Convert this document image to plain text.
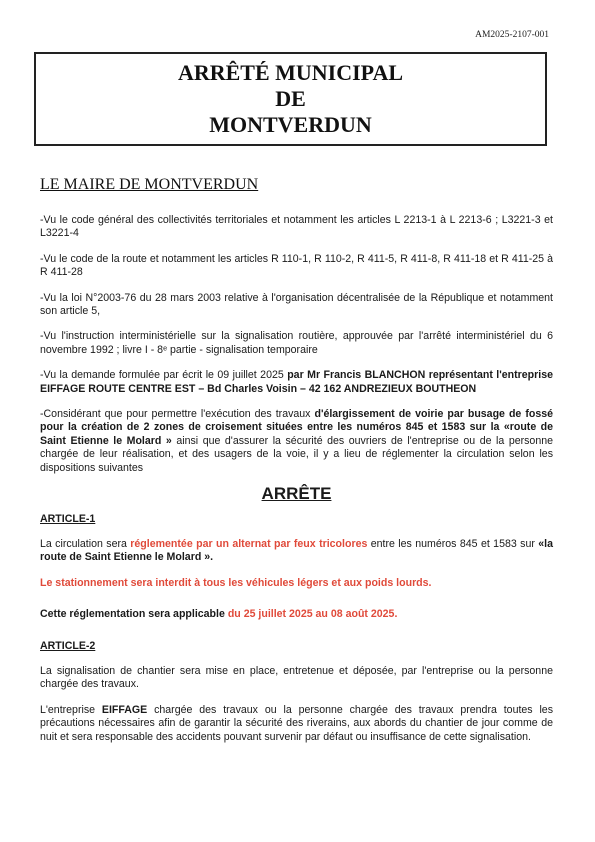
AM2025-2107-001
ARRÊTÉ MUNICIPAL
DE
MONTVERDUN
LE MAIRE DE MONTVERDUN

-Vu le code général des collectivités territoriales et notamment les articles L 2213-1 à L 2213-6 ; L3221-3 et L3221-4

-Vu le code de la route et notamment les articles R 110-1, R 110-2, R 411-5, R 411-8, R 411-18 et R 411-25 à R 411-28

-Vu la loi N°2003-76 du 28 mars 2003 relative à l'organisation décentralisée de la République et notamment son article 5,

-Vu l'instruction interministérielle sur la signalisation routière, approuvée par l'arrêté interministériel du 6 novembre 1992 ; livre I - 8ᵉ partie - signalisation temporaire

-Vu la demande formulée par écrit le 09 juillet 2025 par Mr Francis BLANCHON représentant l'entreprise EIFFAGE ROUTE CENTRE EST – Bd Charles Voisin – 42 162 ANDREZIEUX BOUTHEON

-Considérant que pour permettre l'exécution des travaux d'élargissement de voirie par busage de fossé pour la création de 2 zones de croisement situées entre les numéros 845 et 1583 sur la «route de Saint Etienne le Molard » ainsi que d'assurer la sécurité des ouvriers de l'entreprise ou de la personne chargée de leur réalisation, et des usagers de la voie, il y a lieu de réglementer la circulation selon les dispositions suivantes

ARRÊTE

ARTICLE-1

La circulation sera réglementée par un alternat par feux tricolores entre les numéros 845 et 1583 sur «la route de Saint Etienne le Molard ».

Le stationnement sera interdit à tous les véhicules légers et aux poids lourds.

Cette réglementation sera applicable du 25 juillet 2025 au 08 août 2025.

ARTICLE-2

La signalisation de chantier sera mise en place, entretenue et déposée, par l'entreprise ou la personne chargée des travaux.

L'entreprise EIFFAGE chargée des travaux ou la personne chargée des travaux prendra toutes les précautions nécessaires afin de garantir la sécurité des riverains, aux abords du chantier de jour comme de nuit et sera responsable des accidents pouvant survenir par défaut ou insuffisance de cette signalisation.
